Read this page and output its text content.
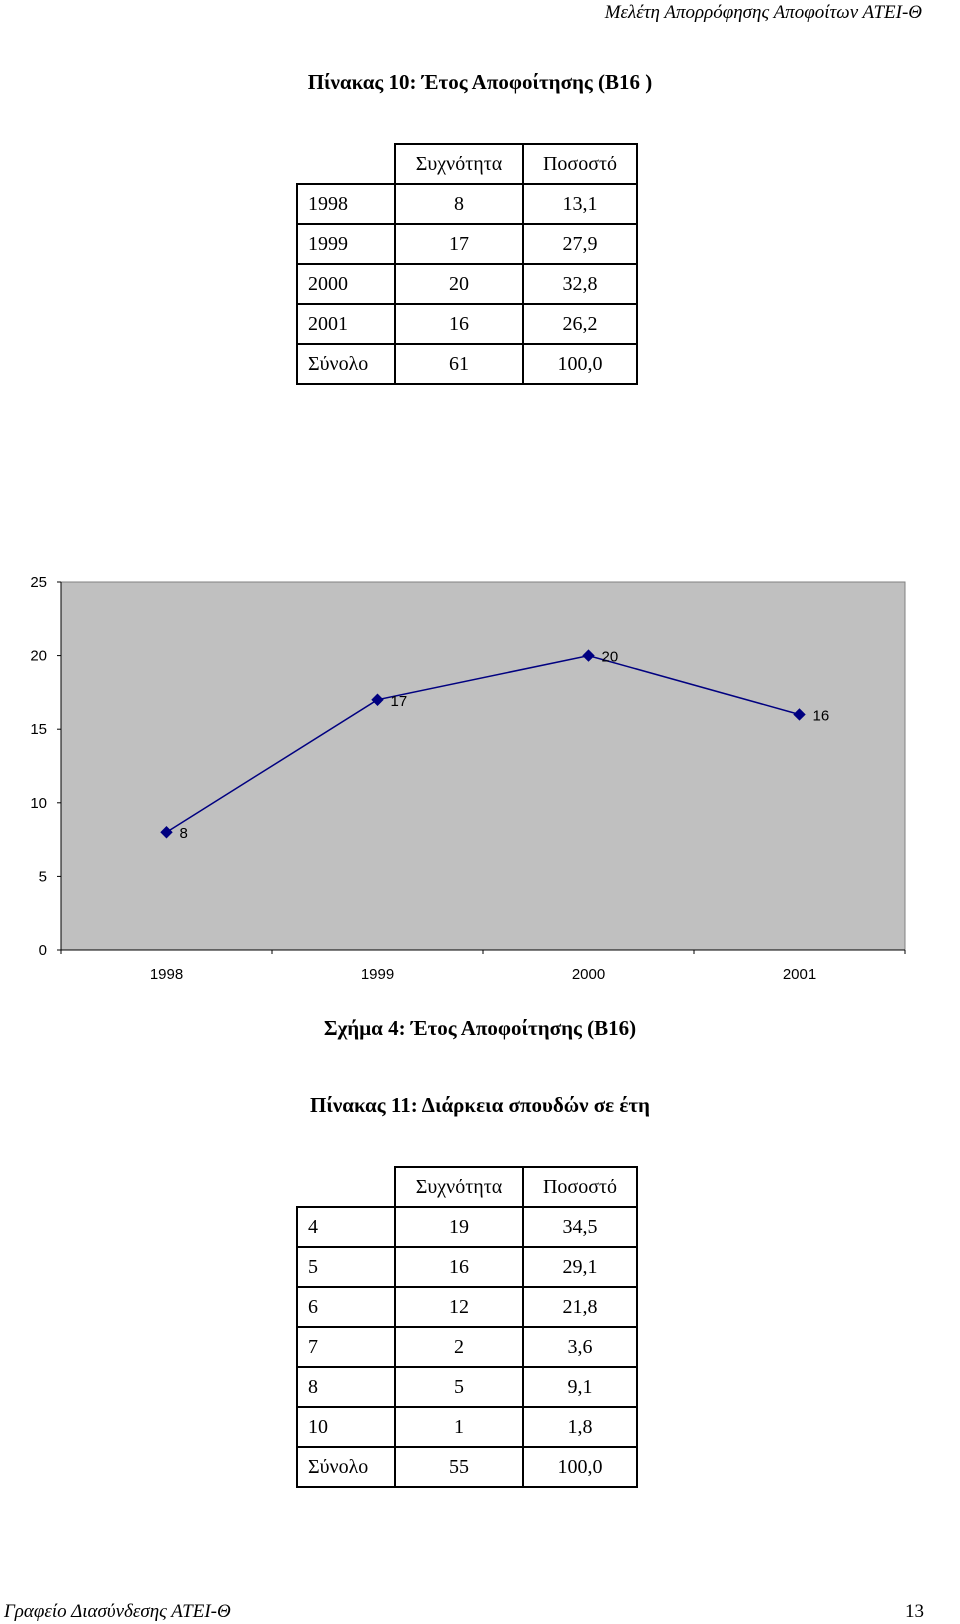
Μελέτη Απορρόφησης Αποφοίτων ΑΤΕΙ-Θ
Πίνακας 10: Έτος Αποφοίτησης (Β16 )
	Συχνότητα	Ποσοστό
1998	8	13,1
1999	17	27,9
2000	20	32,8
2001	16	26,2
Σύνολο	61	100,0
0
5
10
15
20
25
1998	1999	2000	2001
8
17
20
16
Σχήμα 4: Έτος Αποφοίτησης (Β16)
Πίνακας 11: Διάρκεια σπουδών σε έτη
	Συχνότητα	Ποσοστό
4	19	34,5
5	16	29,1
6	12	21,8
7	2	3,6
8	5	9,1
10	1	1,8
Σύνολο	55	100,0
Γραφείο Διασύνδεσης ΑΤΕΙ-Θ	13
